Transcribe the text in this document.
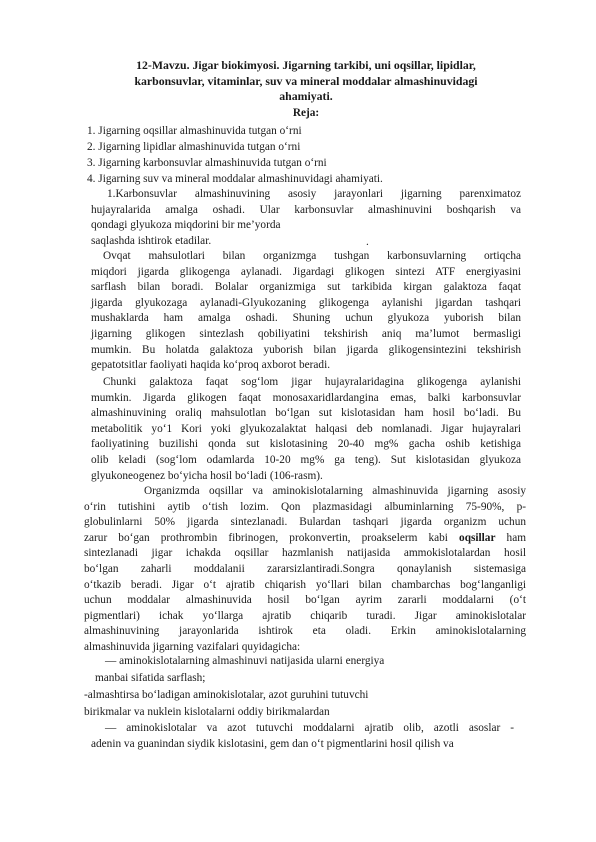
12-Mavzu. Jigar biokimyosi. Jigarning tarkibi, uni oqsillar, lipidlar,
karbonsuvlar, vitaminlar, suv va mineral moddalar almashinuvidagi
ahamiyati.
Reja:
1. Jigarning oqsillar almashinuvida tutgan o‘rni
2. Jigarning lipidlar almashinuvida tutgan o‘rni
3. Jigarning karbonsuvlar almashinuvida tutgan o‘rni
4. Jigarning suv va mineral moddalar almashinuvidagi ahamiyati.
1.Karbonsuvlar almashinuvining asosiy jarayonlari jigarning parenximatoz
hujayralarida amalga oshadi. Ular karbonsuvlar almashinuvini boshqarish va
qondagi glyukoza miqdorini bir me’yorda
saqlashda ishtirok etadilar.	.
Ovqat mahsulotlari bilan organizmga tushgan karbonsuvlarning ortiqcha
miqdori jigarda glikogenga aylanadi. Jigardagi glikogen sintezi ATF energiyasini
sarflash bilan boradi. Bolalar organizmiga sut tarkibida kirgan galaktoza faqat
jigarda glyukozaga aylanadi-Glyukozaning glikogenga aylanishi jigardan tashqari
mushaklarda ham amalga oshadi. Shuning uchun glyukoza yuborish bilan
jigarning glikogen sintezlash qobiliyatini tekshirish aniq ma’lumot bermasligi
mumkin. Bu holatda galaktoza yuborish bilan jigarda glikogensintezini tekshirish
gepatotsitlar faoliyati haqida ko‘proq axborot beradi.
Chunki galaktoza faqat sog‘lom jigar hujayralaridagina glikogenga aylanishi
mumkin. Jigarda glikogen faqat monosaxaridlardangina emas, balki karbonsuvlar
almashinuvining oraliq mahsulotlan bo‘lgan sut kislotasidan ham hosil bo‘ladi. Bu
metabolitik yo‘1 Kori yoki glyukozalaktat halqasi deb nomlanadi. Jigar hujayralari
faoliyatining buzilishi qonda sut kislotasining 20-40 mg% gacha oshib ketishiga
olib keladi (sog‘lom odamlarda 10-20 mg% ga teng). Sut kislotasidan glyukoza
glyukoneogenez bo‘yicha hosil bo‘ladi (106-rasm).
Organizmda oqsillar va aminokislotalarning almashinuvida jigarning asosiy
o‘rin tutishini aytib o‘tish lozim. Qon plazmasidagi albuminlarning 75-90%, p-
globulinlarni 50% jigarda sintezlanadi. Bulardan tashqari jigarda organizm uchun
zarur bo‘gan prothrombin fibrinogen, prokonvertin, proakselerm kabi oqsillar ham
sintezlanadi jigar ichakda oqsillar hazmlanish natijasida ammokislotalardan hosil
bo‘lgan zaharli moddalanii zararsizlantiradi.Songra qonaylanish sistemasiga
o‘tkazib beradi. Jigar o‘t ajratib chiqarish yo‘llari bilan chambarchas bog‘langanligi
uchun moddalar almashinuvida hosil bo‘lgan ayrim zararli moddalarni (o‘t
pigmentlari) ichak yo‘llarga ajratib chiqarib turadi. Jigar aminokislotalar
almashinuvining jarayonlarida ishtirok eta oladi. Erkin aminokislotalarning
almashinuvida jigarning vazifalari quyidagicha:
— aminokislotalarning almashinuvi natijasida ularni energiya
manbai sifatida sarflash;
-almashtirsa bo‘ladigan aminokislotalar, azot guruhini tutuvchi
birikmalar va nuklein kislotalarni oddiy birikmalardan
— aminokislotalar va azot tutuvchi moddalarni ajratib olib, azotli asoslar -
adenin va guanindan siydik kislotasini, gem dan o‘t pigmentlarini hosil qilish va
